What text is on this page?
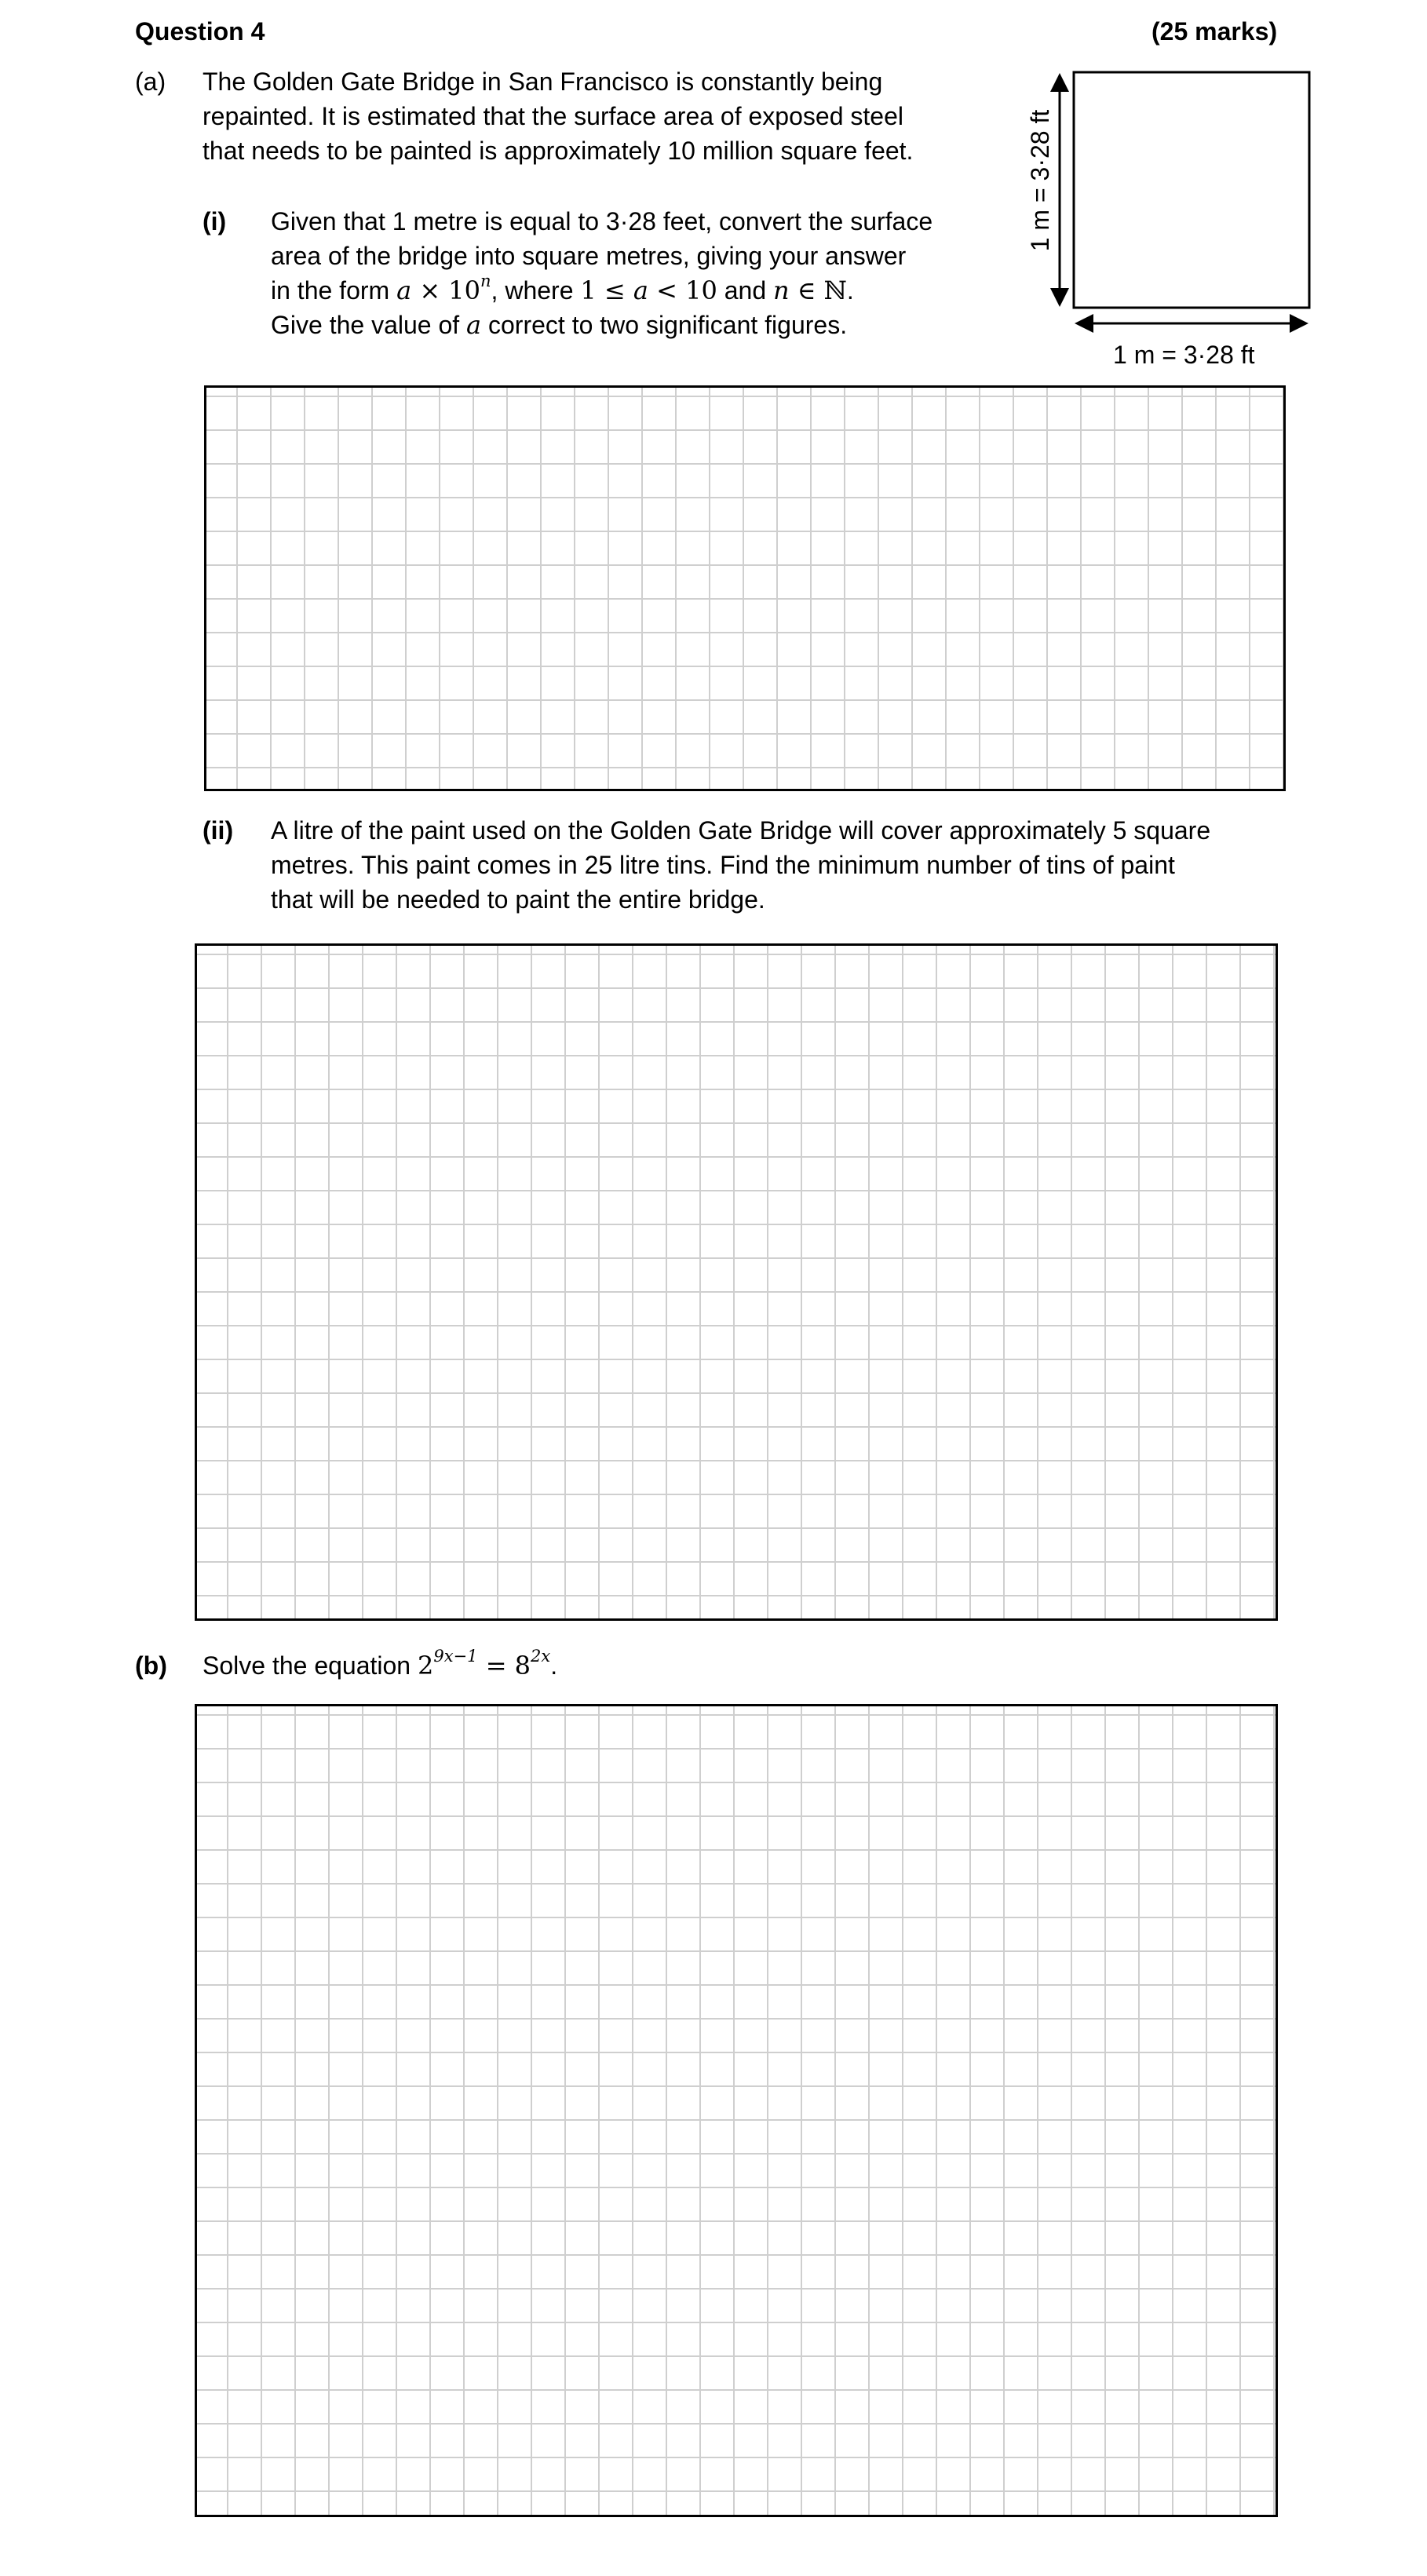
Question 4	(25 marks)
(a) The Golden Gate Bridge in San Francisco is constantly being
repainted. It is estimated that the surface area of exposed steel
that needs to be painted is approximately 10 million square feet.
(i) Given that 1 metre is equal to 3·28 feet, convert the surface
area of the bridge into square metres, giving your answer
in the form $a \times 10^n$, where 1 ≤ a < 10 and n ∈ ℕ.
Give the value of a correct to two significant figures.
1 m = 3·28 ft
1 m = 3·28 ft
(ii) A litre of the paint used on the Golden Gate Bridge will cover approximately 5 square
metres. This paint comes in 25 litre tins. Find the minimum number of tins of paint
that will be needed to paint the entire bridge.
(b) Solve the equation $2^{9x-1} = 8^{2x}$.
